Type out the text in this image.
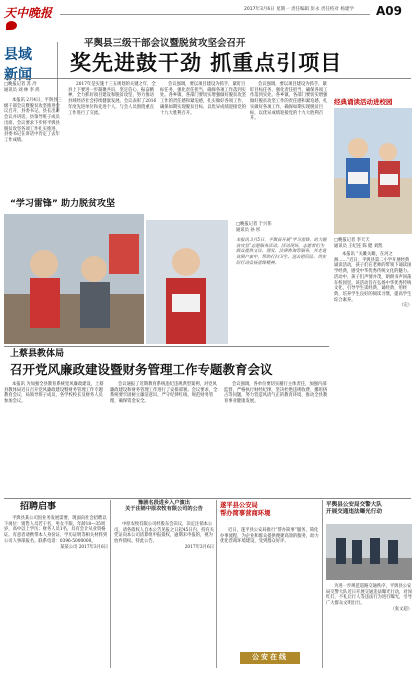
天中晚报	2017年3月6日 星期一 责任编辑 彭永 责任校对 杨建学	A09
县域
新闻
平舆县三级干部会议暨脱贫攻坚会召开
奖先进鼓干劲 抓重点引项目
□晚报记者 苏 冷
通讯员 刘 林 李 鸿

本报讯 2月4日，平舆县三级干部会议暨脱贫攻坚推进会议召开，县委书记、县长出席会议并讲话，县领导班子成员出席。会议要求下步将平舆县脱贫攻坚各项工作扎实推进，县委书记在讲话中肯定了去年工作成绩。

2017年是实施十三五规划的关键之年，全县上下要进一步凝聚共识，坚定信心，振奋精神，全力抓好项目建设和脱贫攻坚，努力推动县域经济社会持续健康发展。会议表彰了2016年度先进单位和先进个人，与会人员围绕重点工作进行了交流。

会议强调，要以项目建设为抓手，紧盯目标任务，强化责任担当，确保各项工作落到实处。各乡镇、各部门要切实增强做好脱贫攻坚工作的责任感和紧迫感，扎实做好各项工作，确保如期实现脱贫目标，以优异成绩迎接党的十九大胜利召开。

会议强调，要以项目建设为抓手，紧盯目标任务，强化责任担当，确保各项工作落到实处。各乡镇、各部门要切实增强做好脱贫攻坚工作的责任感和紧迫感，扎实做好各项工作，确保如期实现脱贫目标，以优异成绩迎接党的十九大胜利召开。

经典诵读活动进校园
□晚报记者 李天天
通讯员 王纪连 陈 健 刘凯

本报讯 “关雎关雎，在河之洲……”近日，平舆县第二小学开展经典诵读活动，孩子们在老师的带领下诵读国学经典，感受中华优秀传统文化的魅力。活动中，孩子们声情并茂，朗朗书声回荡在校园里。该活动旨在弘扬中华优秀传统文化，引导学生读经典、诵经典、用经典，培养学生良好的阅读习惯，提高学生综合素养。

（完）
“学习雷锋” 助力脱贫攻坚
□晚报记者 于兴伟
通讯员 孙 彤
本报讯 3月5日，平舆县开展“学习雷锋，助力脱贫攻坚”志愿服务活动。活动现场，志愿者们为群众提供义诊、理发、法律咨询等服务，并走进贫困户家中，帮助打扫卫生、送去慰问品，用实际行动弘扬雷锋精神。
上蔡县教体局
召开党风廉政建设暨财务管理工作专题教育会议

本报讯 为加强全县教育系统党风廉政建设，上蔡县教体局近日召开党风廉政建设暨财务管理工作专题教育会议，局领导班子成员、各学校校长及财务人员参加会议。

会议通报了近期教育系统违纪违规典型案例，对党风廉政建设和财务管理工作进行了安排部署。会议要求，全系统要牢固树立廉洁意识，严守纪律红线，规范财务管理，确保资金安全。

会议强调，各单位要切实履行主体责任，加强内部监督，严格执行财经纪律，坚决杜绝违规收费、挪用挤占等问题，努力营造风清气正的教育环境，推动全县教育事业健康发展。

招聘启事

平舆县某公司因业务发展需要，现面向社会招聘以下岗位：销售人员若干名，男女不限，年龄18—35周岁，高中以上学历；财务人员1名，具有会计从业资格证。有意者请携带本人身份证、学历证明等相关材料到公司人事部报名。联系电话：0396-5000000。

某某公司 2017年3月6日
豫剧名段进乡入户演出
关于注销中原农牧有限公司的公告

中原农牧有限公司经股东会决议，决定注销本公司，请各债权人自本公告见报之日起45日内，持有关凭证向本公司清算组申报债权，逾期未申报的，视为放弃债权。特此公告。

2017年3月6日
遂平县公安局
帮办简事营商环境

近日，遂平县公安局推行“帮办简事”服务，简化办事流程，为企业和群众提供便捷高效的服务，助力优化营商环境建设，受到群众好评。

公安在线
平舆县公安局交警大队
开展交通违法曝光行动

为进一步规范道路交通秩序，平舆县公安局交警大队近日开展交通违法曝光行动，对闯红灯、不礼让行人等违法行为进行曝光，引导广大群众文明出行。

（张文超）
